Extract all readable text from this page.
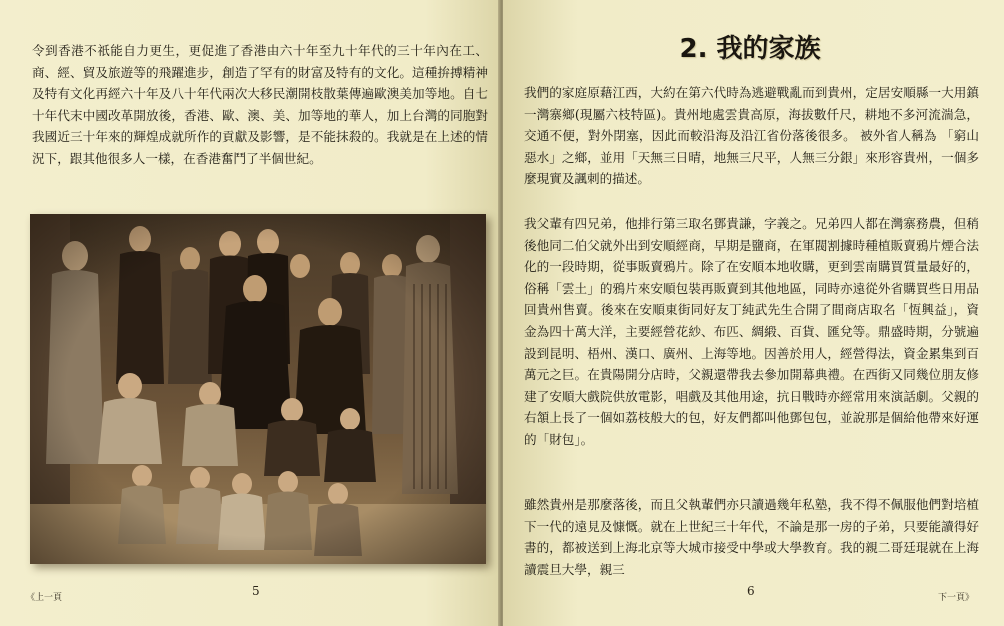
令到香港不祇能自力更生，更促進了香港由六十年至九十年代的三十年內在工、商、經、貿及旅遊等的飛躍進步，創造了罕有的財富及特有的文化。這種拚搏精神及特有文化再經六十年及八十年代兩次大移民潮開枝散葉傳遍歐澳美加等地。自七十年代末中國改革開放後，香港、歐、澳、美、加等地的華人，加上台灣的同胞對我國近三十年來的輝煌成就所作的貢獻及影響，是不能抹殺的。我就是在上述的情況下，跟其他很多人一樣，在香港奮鬥了半個世紀。

5
《上一頁
2. 我的家族

我們的家庭原藉江西，大約在第六代時為逃避戰亂而到貴州，定居安順縣一大用鎮一灣寨鄉(現屬六枝特區)。貴州地處雲貴高原，海拔數仟尺，耕地不多河流湍急，交通不便，對外閉塞，因此而較沿海及沿江省份落後很多。 被外省人稱為 「窮山惡水」之鄉，並用「天無三日晴，地無三尺平，人無三分銀」來形容貴州，一個多麼現實及諷刺的描述。

我父輩有四兄弟，他排行第三取名鄧貴謙，字義之。兄弟四人都在灣寨務農，但稍後他同二伯父就外出到安順經商，早期是鹽商，在軍閥割據時種植販賣鴉片煙合法化的一段時期，從事販賣鴉片。除了在安順本地收購，更到雲南購買質量最好的，俗稱「雲土」的鴉片來安順包裝再販賣到其他地區，同時亦遠從外省購買些日用品回貴州售賣。後來在安順東街同好友丁純武先生合開了間商店取名「恆興益」，資金為四十萬大洋，主要經營花紗、布匹、綢緞、百貨、匯兌等。鼎盛時期，分號遍設到昆明、梧州、漢口、廣州、上海等地。因善於用人，經營得法，資金累集到百萬元之巨。在貴陽開分店時，父親還帶我去參加開幕典禮。在西街又同幾位朋友修建了安順大戲院供放電影，唱戲及其他用途，抗日戰時亦經常用來演話劇。父親的右頷上長了一個如荔枝般大的包，好友們都叫他鄧包包，並說那是個給他帶來好運的「財包」。

雖然貴州是那麼落後，而且父執輩們亦只讀過幾年私塾，我不得不佩服他們對培植下一代的遠見及慷慨。就在上世紀三十年代，不論是那一房的子弟，只要能讀得好書的，都被送到上海北京等大城市接受中學或大學教育。我的親二哥廷琨就在上海讀震旦大學，親三

6	下一頁》
